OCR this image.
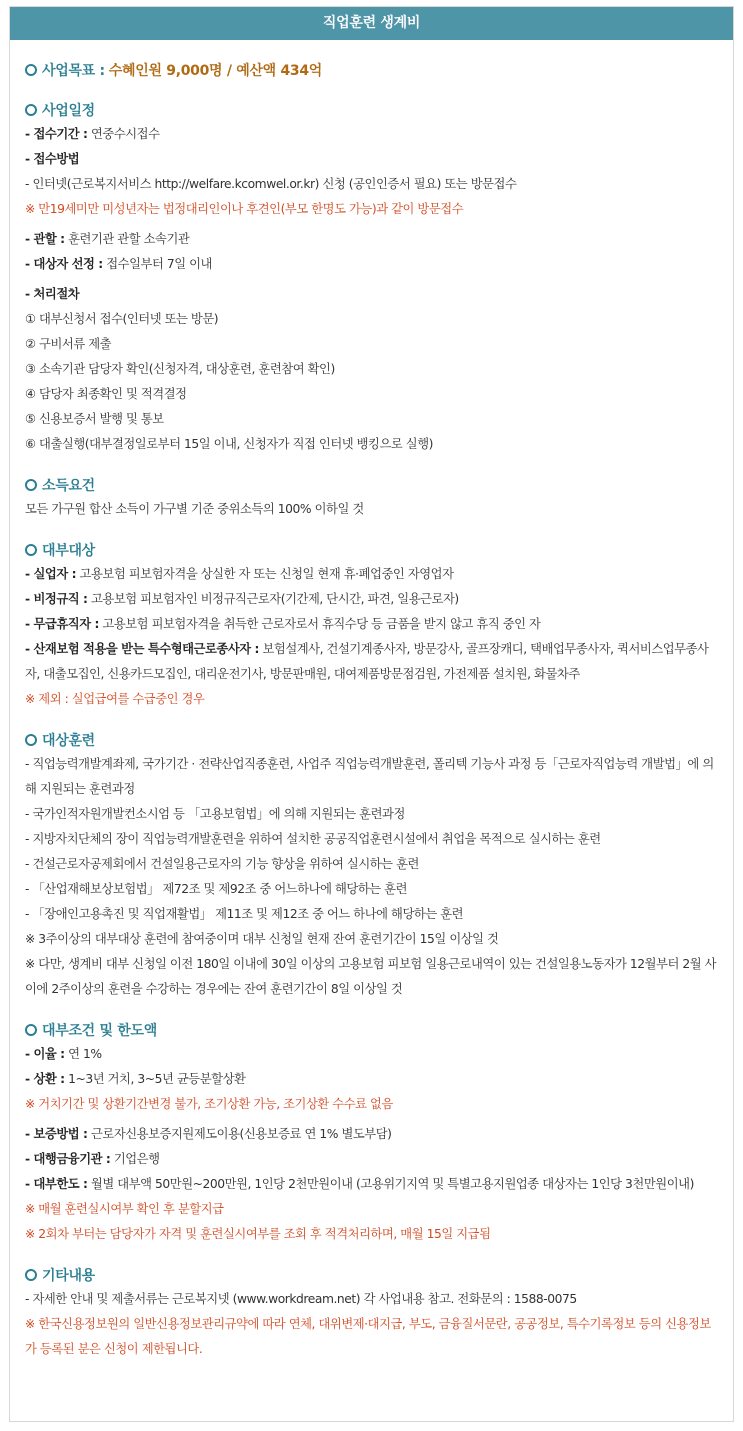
직업훈련 생계비
사업목표 : 수혜인원 9,000명 / 예산액 434억
사업일정
- 접수기간 : 연중수시접수
- 접수방법
- 인터넷(근로복지서비스 http://welfare.kcomwel.or.kr) 신청 (공인인증서 필요) 또는 방문접수
※ 만19세미만 미성년자는 법정대리인이나 후견인(부모 한명도 가능)과 같이 방문접수
- 관할 : 훈련기관 관할 소속기관
- 대상자 선정 : 접수일부터 7일 이내
- 처리절차
① 대부신청서 접수(인터넷 또는 방문)
② 구비서류 제출
③ 소속기관 담당자 확인(신청자격, 대상훈련, 훈련참여 확인)
④ 담당자 최종확인 및 적격결정
⑤ 신용보증서 발행 및 통보
⑥ 대출실행(대부결정일로부터 15일 이내, 신청자가 직접 인터넷 뱅킹으로 실행)
소득요건
모든 가구원 합산 소득이 가구별 기준 중위소득의 100% 이하일 것
대부대상
- 실업자 : 고용보험 피보험자격을 상실한 자 또는 신청일 현재 휴·폐업중인 자영업자
- 비정규직 : 고용보험 피보험자인 비정규직근로자(기간제, 단시간, 파견, 일용근로자)
- 무급휴직자 : 고용보험 피보험자격을 취득한 근로자로서 휴직수당 등 금품을 받지 않고 휴직 중인 자
- 산재보험 적용을 받는 특수형태근로종사자 : 보험설계사, 건설기계종사자, 방문강사, 골프장캐디, 택배업무종사자, 퀵서비스업무종사자, 대출모집인, 신용카드모집인, 대리운전기사, 방문판매원, 대여제품방문점검원, 가전제품 설치원, 화물차주
※ 제외 : 실업급여를 수급중인 경우
대상훈련
- 직업능력개발계좌제, 국가기간 · 전략산업직종훈련, 사업주 직업능력개발훈련, 폴리텍 기능사 과정 등「근로자직업능력 개발법」에 의해 지원되는 훈련과정
- 국가인적자원개발컨소시엄 등 「고용보험법」에 의해 지원되는 훈련과정
- 지방자치단체의 장이 직업능력개발훈련을 위하여 설치한 공공직업훈련시설에서 취업을 목적으로 실시하는 훈련
- 건설근로자공제회에서 건설일용근로자의 기능 향상을 위하여 실시하는 훈련
- 「산업재해보상보험법」 제72조 및 제92조 중 어느하나에 해당하는 훈련
- 「장애인고용촉진 및 직업재활법」 제11조 및 제12조 중 어느 하나에 해당하는 훈련
※ 3주이상의 대부대상 훈련에 참여중이며 대부 신청일 현재 잔여 훈련기간이 15일 이상일 것
※ 다만, 생계비 대부 신청일 이전 180일 이내에 30일 이상의 고용보험 피보험 일용근로내역이 있는 건설일용노동자가 12월부터 2월 사이에 2주이상의 훈련을 수강하는 경우에는 잔여 훈련기간이 8일 이상일 것
대부조건 및 한도액
- 이율 : 연 1%
- 상환 : 1~3년 거치, 3~5년 균등분할상환
※ 거치기간 및 상환기간변경 불가, 조기상환 가능, 조기상환 수수료 없음
- 보증방법 : 근로자신용보증지원제도이용(신용보증료 연 1% 별도부담)
- 대행금융기관 : 기업은행
- 대부한도 : 월별 대부액 50만원~200만원, 1인당 2천만원이내 (고용위기지역 및 특별고용지원업종 대상자는 1인당 3천만원이내)
※ 매월 훈련실시여부 확인 후 분할지급
※ 2회차 부터는 담당자가 자격 및 훈련실시여부를 조회 후 적격처리하며, 매월 15일 지급됨
기타내용
- 자세한 안내 및 제출서류는 근로복지넷 (www.workdream.net) 각 사업내용 참고. 전화문의 : 1588-0075
※ 한국신용정보원의 일반신용정보관리규약에 따라 연체, 대위변제·대지급, 부도, 금융질서문란, 공공정보, 특수기록정보 등의 신용정보가 등록된 분은 신청이 제한됩니다.
